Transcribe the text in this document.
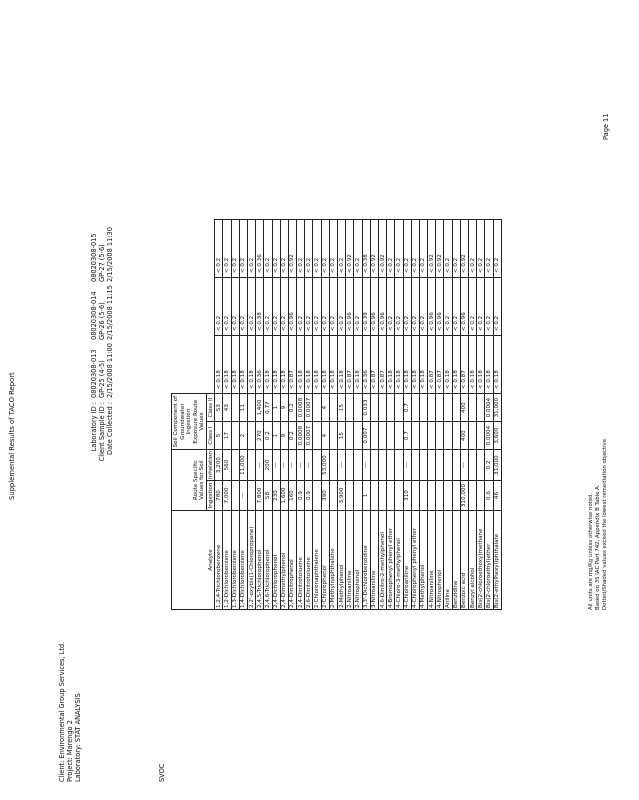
Supplemental Results of TACO Report
Client: Environmental Group Services, Ltd. Project: Marengo 2 Laboratory: STAT ANALYSIS	SVOC
Laboratory ID : Client Sample ID : Date Collected :
08020308-013 GP-25 (4-5) 2/15/2008 11:00
08020308-014 GP-26 (5-6) 2/15/2008 11:15
08020308-015 GP-27 (5-6) 2/15/2008 11:30
Analyte	Route Specific Values for Soil		Soil Component of Groundwater Ingestion Exposure Route Values				
	Ingestion	Inhalation	Class I	Class II			
1,2,4-Trichlorobenzene	780	3,200	5	53	< 0.18	< 0.2	< 0.2
1,2-Dichlorobenzene	7,000	560	17	43	< 0.18	< 0.2	< 0.2
1,3-Dichlorobenzene					< 0.18	< 0.2	< 0.2
1,4-Dichlorobenzene	---	11,000	2	11	< 0.18	< 0.2	< 0.2
2,2'-oxybis(1-Chloropropane)					< 0.18	< 0.2	< 0.2
2,4,5-Trichlorophenol	7,800	---	270	1,400	< 0.36	< 0.38	< 0.36
2,4,6-Trichlorophenol	58	200	0.2	0.77	< 0.18	< 0.2	< 0.2
2,4-Dichlorophenol	230	---	1	1	< 0.18	< 0.2	< 0.2
2,4-Dimethylphenol	1,600	---	9	9	< 0.18	< 0.2	< 0.2
2,4-Dinitrophenol	160	---	0.2	0.2	< 0.87	< 0.96	< 0.92
2,4-Dinitrotoluene	0.9	---	0.0008	0.0008	< 0.18	< 0.2	< 0.2
2,6-Dinitrotoluene	0.9	---	0.0007	0.0007	< 0.18	< 0.2	< 0.2
2-Chloronaphthalene					< 0.18	< 0.2	< 0.2
2-Chlorophenol	390	53,000	4	4	< 0.18	< 0.2	< 0.2
2-Methylnaphthalene					< 0.18	< 0.2	< 0.2
2-Methylphenol	3,900	---	15	15	< 0.18	< 0.2	< 0.2
2-Nitroaniline					< 0.87	< 0.96	< 0.92
2-Nitrophenol					< 0.18	< 0.2	< 0.2
3,3'-Dichlorobenzidine	1	---	0.007	0.033	< 0.36	< 0.39	< 0.38
3-Nitroaniline					< 0.87	< 0.96	< 0.92
4,6-Dinitro-2-methylphenol					< 0.87	< 0.96	< 0.92
4-Bromophenyl phenyl ether					< 0.18	< 0.2	< 0.2
4-Chloro-3-methylphenol					< 0.18	< 0.2	< 0.2
4-Chloroaniline	310	---	0.7	0.7	< 0.18	< 0.2	< 0.2
4-Chlorophenyl phenyl ether					< 0.18	< 0.2	< 0.2
4-Methylphenol					< 0.18	< 0.2	< 0.2
4-Nitroaniline					< 0.87	< 0.96	< 0.92
4-Nitrophenol					< 0.87	< 0.96	< 0.92
Aniline					< 0.18	< 0.2	< 0.2
Benzidine					< 0.18	< 0.2	< 0.2
Benzoic acid	310,000	---	400	400	< 0.87	< 0.96	< 0.92
Benzyl alcohol					< 0.18	< 0.2	< 0.2
Bis(2-chloroethoxy)methane					< 0.18	< 0.2	< 0.2
Bis(2-chloroethyl)ether	0.6	0.2	0.0004	0.0004	< 0.18	< 0.2	< 0.2
Bis(2-ethylhexyl)phthalate	46	31,000	3,600	31,000	< 0.18	< 0.2	< 0.2
All units are mg/Kg unless otherwise noted. Based on 35 IAC Part 742, Appendix B Table A. Dotted/Shaded values exceed the lowest remediation objective.
Page 11
